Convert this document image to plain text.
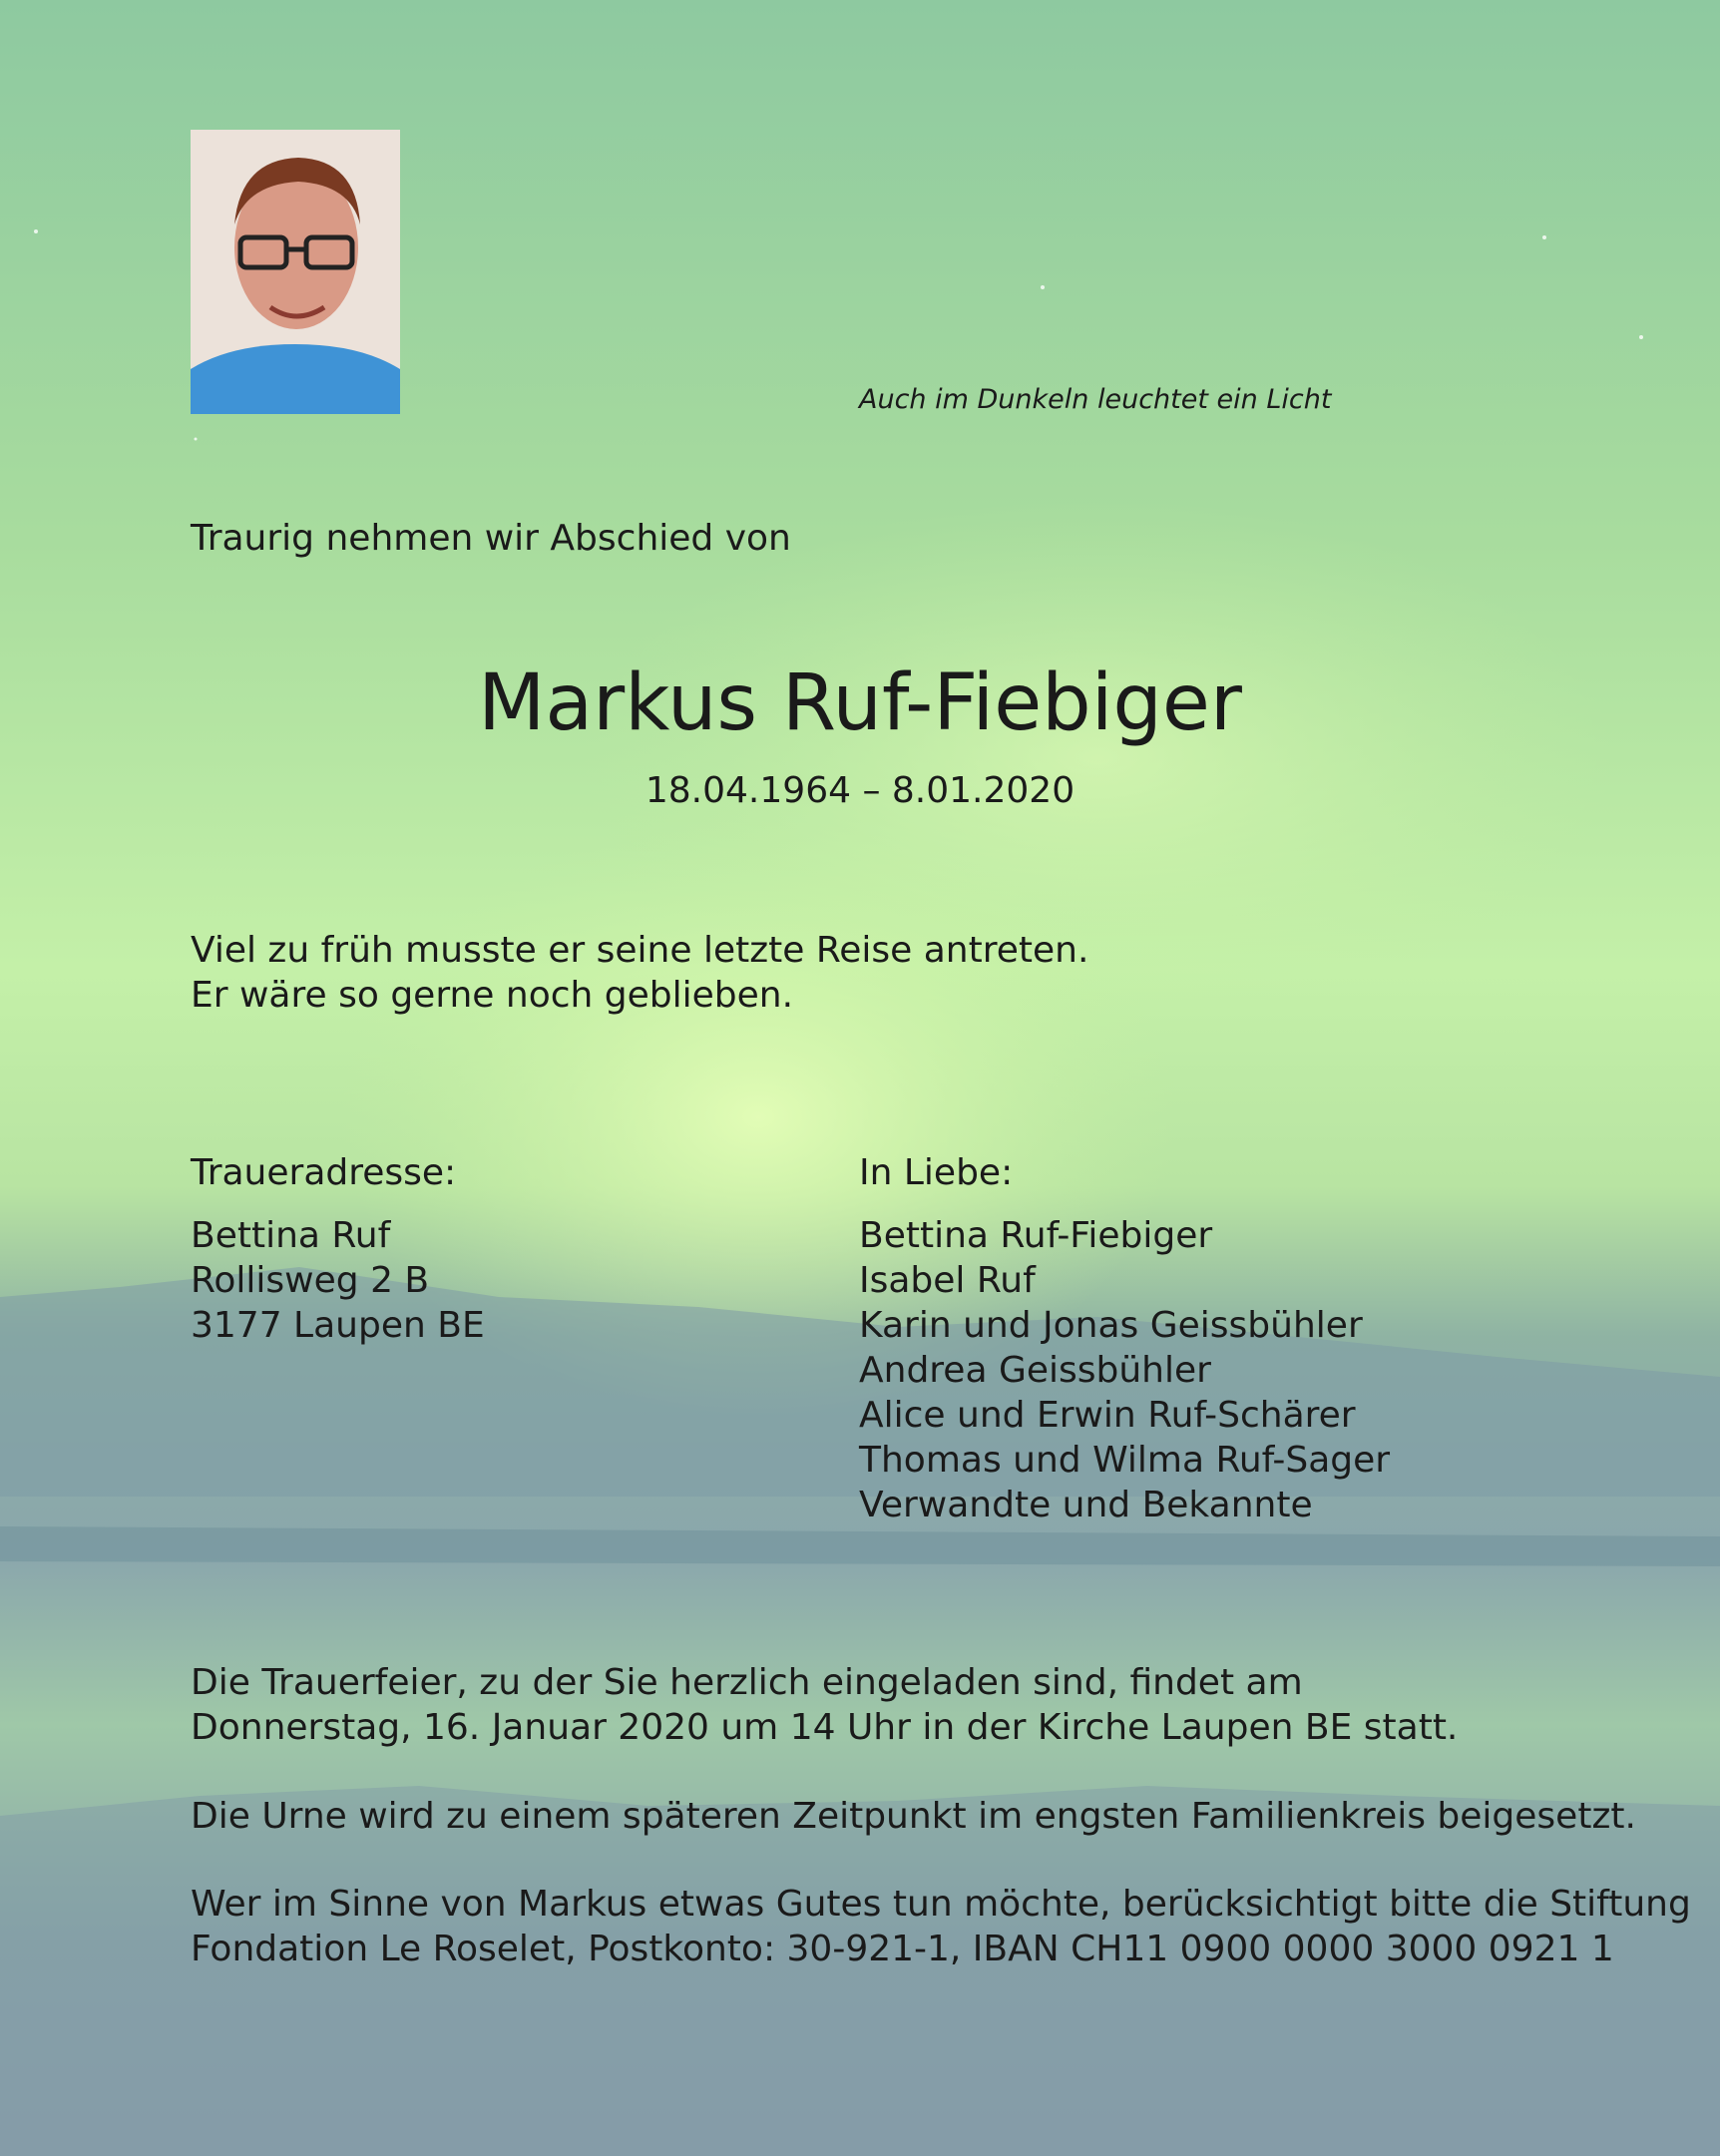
Auch im Dunkeln leuchtet ein Licht
Traurig nehmen wir Abschied von
Markus Ruf-Fiebiger
18.04.1964 – 8.01.2020
Viel zu früh musste er seine letzte Reise antreten.
Er wäre so gerne noch geblieben.
Traueradresse:
Bettina Ruf
Rollisweg 2 B
3177 Laupen BE
In Liebe:
Bettina Ruf-Fiebiger
Isabel Ruf
Karin und Jonas Geissbühler
Andrea Geissbühler
Alice und Erwin Ruf-Schärer
Thomas und Wilma Ruf-Sager
Verwandte und Bekannte
Die Trauerfeier, zu der Sie herzlich eingeladen sind, findet am
Donnerstag, 16. Januar 2020 um 14 Uhr in der Kirche Laupen BE statt.
Die Urne wird zu einem späteren Zeitpunkt im engsten Familienkreis beigesetzt.
Wer im Sinne von Markus etwas Gutes tun möchte, berücksichtigt bitte die Stiftung
Fondation Le Roselet, Postkonto: 30-921-1, IBAN CH11 0900 0000 3000 0921 1
